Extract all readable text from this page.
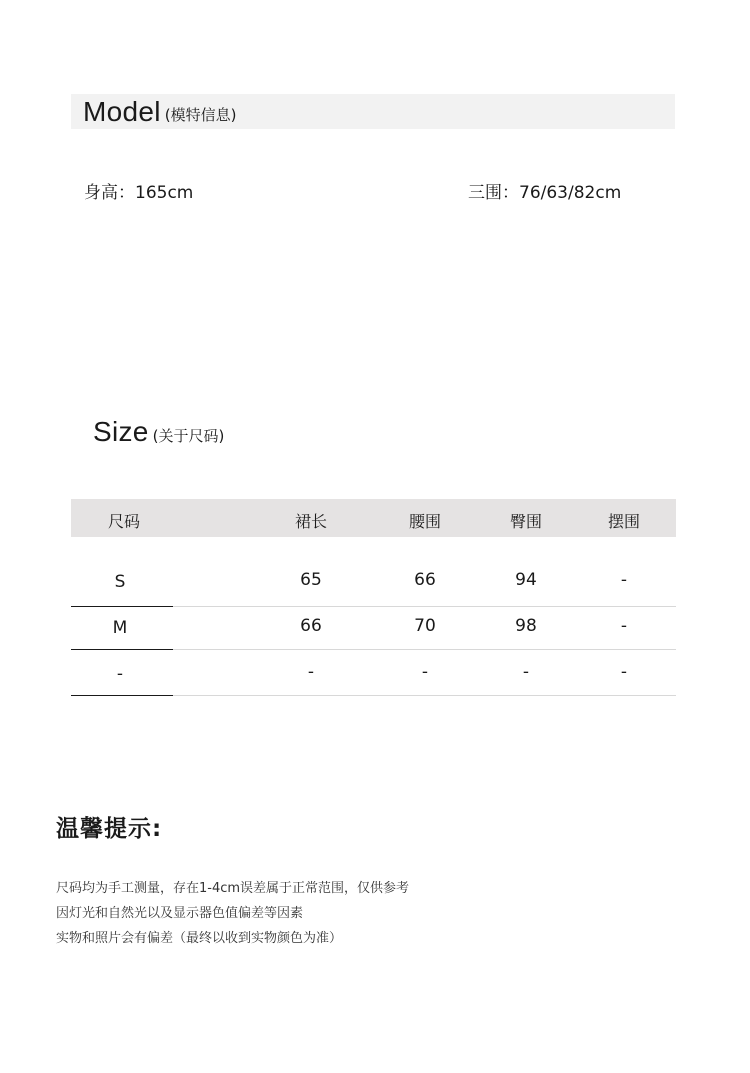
Model (模特信息)
身高：165cm	三围：76/63/82cm
Size (关于尺码)
尺码	裙长	腰围	臀围	摆围
S	65	66	94	-
M	66	70	98	-
-	-	-	-	-
温馨提示:
尺码均为手工测量，存在1-4cm误差属于正常范围，仅供参考
因灯光和自然光以及显示器色值偏差等因素
实物和照片会有偏差（最终以收到实物颜色为准）
